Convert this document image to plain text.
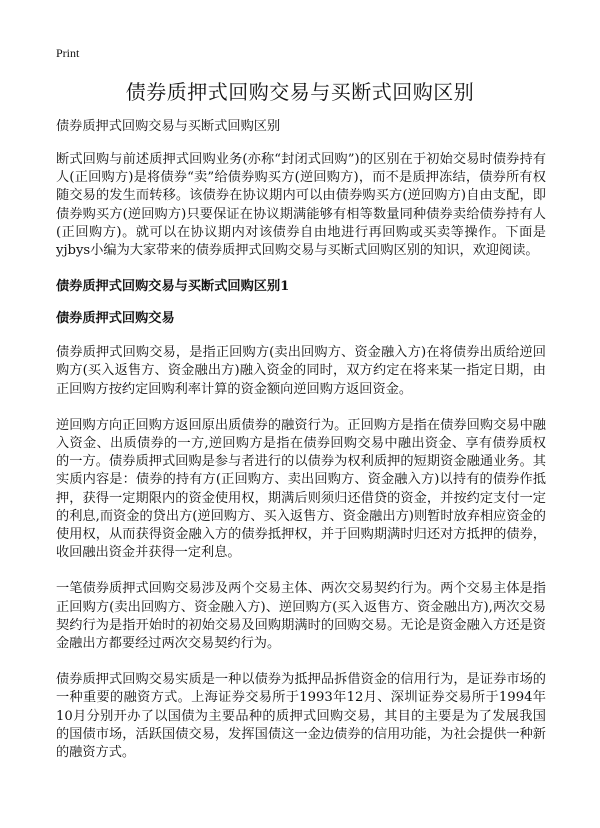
Print
债券质押式回购交易与买断式回购区别

债券质押式回购交易与买断式回购区别

断式回购与前述质押式回购业务(亦称“封闭式回购”)的区别在于初始交易时债券持有人(正回购方)是将债券“卖”给债券购买方(逆回购方)，而不是质押冻结，债券所有权随交易的发生而转移。该债券在协议期内可以由债券购买方(逆回购方)自由支配，即债券购买方(逆回购方)只要保证在协议期满能够有相等数量同种债券卖给债券持有人(正回购方)。就可以在协议期内对该债券自由地进行再回购或买卖等操作。下面是yjbys小编为大家带来的债券质押式回购交易与买断式回购区别的知识，欢迎阅读。

债券质押式回购交易与买断式回购区别1

债券质押式回购交易

债券质押式回购交易，是指正回购方(卖出回购方、资金融入方)在将债券出质给逆回购方(买入返售方、资金融出方)融入资金的同时，双方约定在将来某一指定日期，由正回购方按约定回购利率计算的资金额向逆回购方返回资金。

逆回购方向正回购方返回原出质债券的融资行为。正回购方是指在债券回购交易中融入资金、出质债券的一方,逆回购方是指在债券回购交易中融出资金、享有债券质权的一方。债券质押式回购是参与者进行的以债券为权利质押的短期资金融通业务。其实质内容是：债券的持有方(正回购方、卖出回购方、资金融入方)以持有的债券作抵押，获得一定期限内的资金使用权，期满后则须归还借贷的资金，并按约定支付一定的利息,而资金的贷出方(逆回购方、买入返售方、资金融出方)则暂时放弃相应资金的使用权，从而获得资金融入方的债券抵押权，并于回购期满时归还对方抵押的债券，收回融出资金并获得一定利息。

一笔债券质押式回购交易涉及两个交易主体、两次交易契约行为。两个交易主体是指正回购方(卖出回购方、资金融入方)、逆回购方(买入返售方、资金融出方),两次交易契约行为是指开始时的初始交易及回购期满时的回购交易。无论是资金融入方还是资金融出方都要经过两次交易契约行为。

债券质押式回购交易实质是一种以债券为抵押品拆借资金的信用行为，是证券市场的一种重要的融资方式。上海证券交易所于1993年12月、深圳证券交易所于1994年10月分别开办了以国债为主要品种的质押式回购交易，其目的主要是为了发展我国的国债市场，活跃国债交易，发挥国债这一金边债券的信用功能，为社会提供一种新的融资方式。
